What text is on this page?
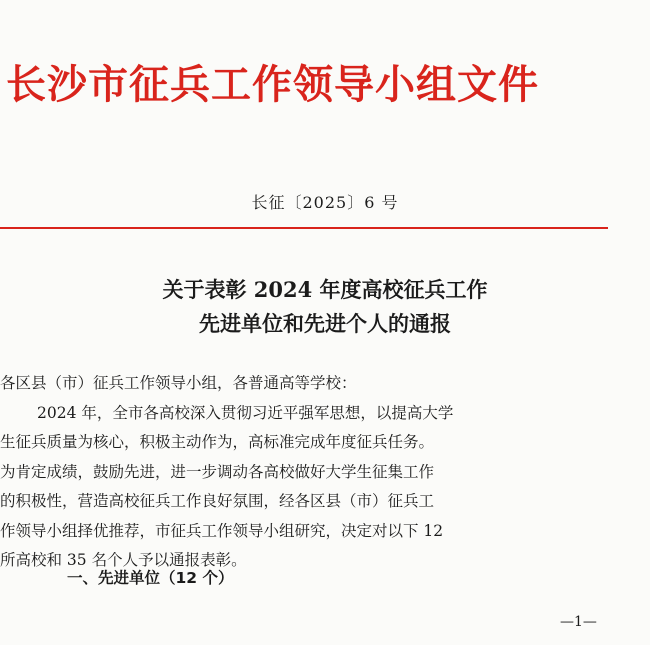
长沙市征兵工作领导小组文件
长征〔2025〕6 号
关于表彰 2024 年度高校征兵工作
先进单位和先进个人的通报
各区县（市）征兵工作领导小组，各普通高等学校：
2024 年，全市各高校深入贯彻习近平强军思想，以提高大学
生征兵质量为核心，积极主动作为，高标准完成年度征兵任务。
为肯定成绩，鼓励先进，进一步调动各高校做好大学生征集工作
的积极性，营造高校征兵工作良好氛围，经各区县（市）征兵工
作领导小组择优推荐，市征兵工作领导小组研究，决定对以下 12
所高校和 35 名个人予以通报表彰。
一、先进单位（12 个）
—1—
